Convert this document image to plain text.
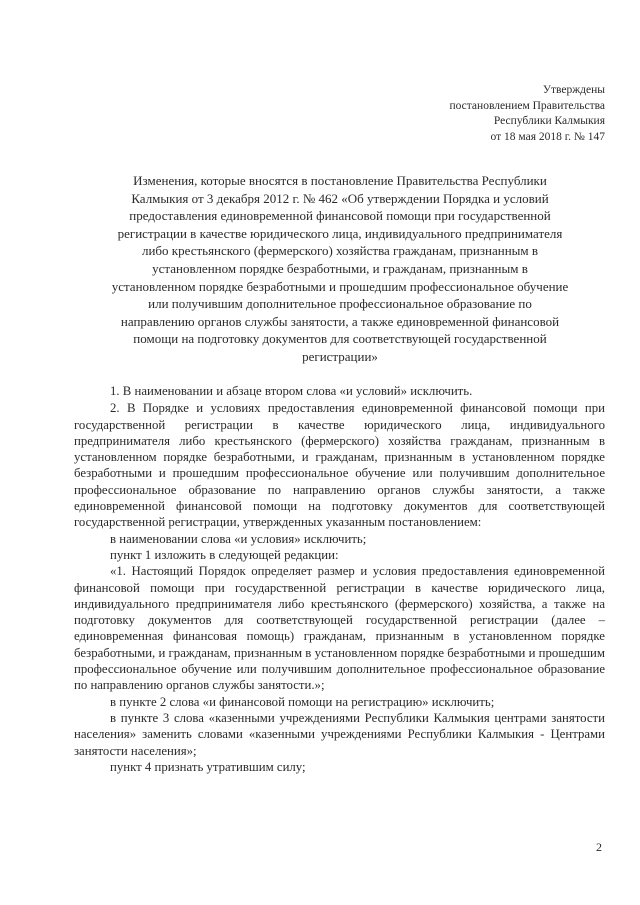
Утверждены
постановлением Правительства
Республики Калмыкия
от 18 мая 2018 г. № 147
Изменения, которые вносятся в постановление Правительства Республики
Калмыкия от 3 декабря 2012 г. № 462 «Об утверждении Порядка и условий
предоставления единовременной финансовой помощи при государственной
регистрации в качестве юридического лица, индивидуального предпринимателя
либо крестьянского (фермерского) хозяйства гражданам, признанным в
установленном порядке безработными, и гражданам, признанным в
установленном порядке безработными и прошедшим профессиональное обучение
или получившим дополнительное профессиональное образование по
направлению органов службы занятости, а также единовременной финансовой
помощи на подготовку документов для соответствующей государственной
регистрации»

1. В наименовании и абзаце втором слова «и условий» исключить.

2. В Порядке и условиях предоставления единовременной финансовой помощи при государственной регистрации в качестве юридического лица, индивидуального предпринимателя либо крестьянского (фермерского) хозяйства гражданам, признанным в установленном порядке безработными, и гражданам, признанным в установленном порядке безработными и прошедшим профессиональное обучение или получившим дополнительное профессиональное образование по направлению органов службы занятости, а также единовременной финансовой помощи на подготовку документов для соответствующей государственной регистрации, утвержденных указанным постановлением:

в наименовании слова «и условия» исключить;

пункт 1 изложить в следующей редакции:

«1. Настоящий Порядок определяет размер и условия предоставления единовременной финансовой помощи при государственной регистрации в качестве юридического лица, индивидуального предпринимателя либо крестьянского (фермерского) хозяйства, а также на подготовку документов для соответствующей государственной регистрации (далее – единовременная финансовая помощь) гражданам, признанным в установленном порядке безработными, и гражданам, признанным в установленном порядке безработными и прошедшим профессиональное обучение или получившим дополнительное профессиональное образование по направлению органов службы занятости.»;

в пункте 2 слова «и финансовой помощи на регистрацию» исключить;

в пункте 3 слова «казенными учреждениями Республики Калмыкия центрами занятости населения» заменить словами «казенными учреждениями Республики Калмыкия - Центрами занятости населения»;

пункт 4 признать утратившим силу;

2
